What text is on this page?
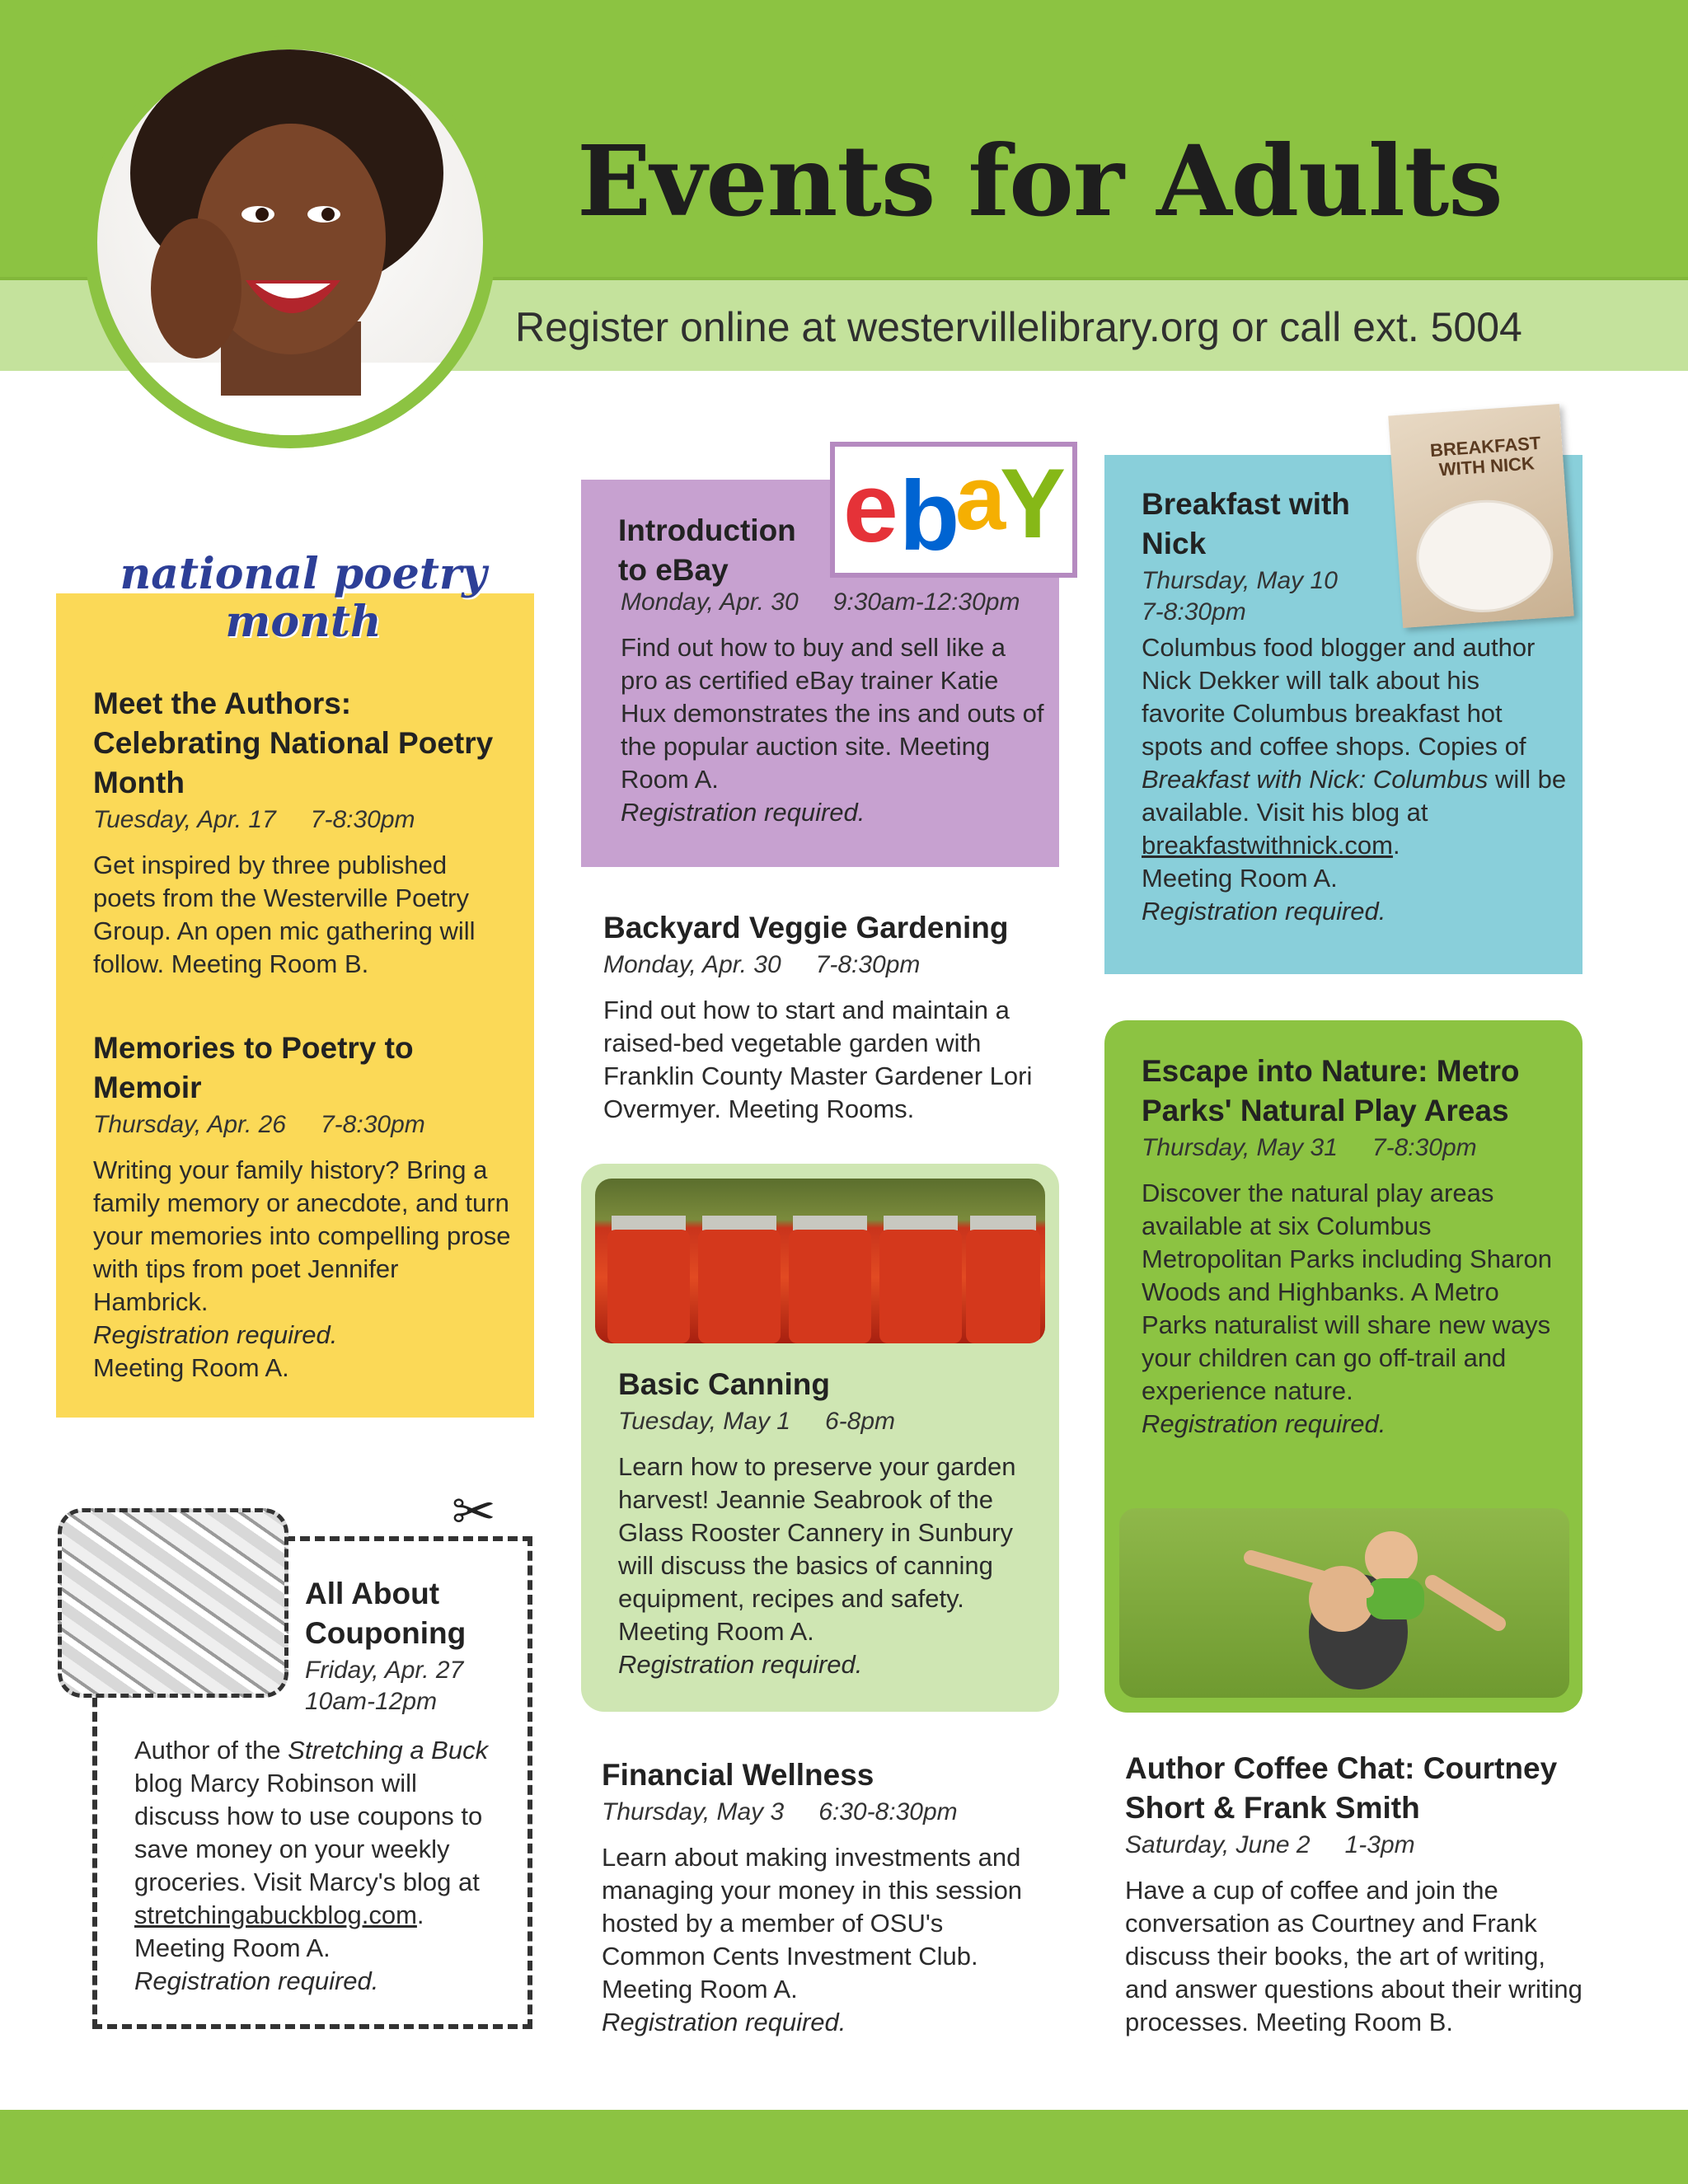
Events for Adults
Register online at westervillelibrary.org or call ext. 5004
national poetry
month
Meet the Authors: Celebrating National Poetry Month
Tuesday, Apr. 17 7-8:30pm
Get inspired by three published poets from the Westerville Poetry Group. An open mic gathering will follow. Meeting Room B.
Memories to Poetry to Memoir
Thursday, Apr. 26 7-8:30pm
Writing your family history? Bring a family memory or anecdote, and turn your memories into compelling prose with tips from poet Jennifer Hambrick.
Registration required.
Meeting Room A.
✂
All About Couponing
Friday, Apr. 27
10am-12pm
Author of the Stretching a Buck blog Marcy Robinson will discuss how to use coupons to save money on your weekly groceries. Visit Marcy's blog at stretchingabuckblog.com.
Meeting Room A.
Registration required.
e b
a
Y
Introduction to eBay
Monday, Apr. 30 9:30am-12:30pm
Find out how to buy and sell like a pro as certified eBay trainer Katie Hux demonstrates the ins and outs of the popular auction site. Meeting Room A.
Registration required.
Backyard Veggie Gardening
Monday, Apr. 30 7-8:30pm
Find out how to start and maintain a raised-bed vegetable garden with Franklin County Master Gardener Lori Overmyer. Meeting Rooms.
Basic Canning
Tuesday, May 1 6-8pm
Learn how to preserve your garden harvest! Jeannie Seabrook of the Glass Rooster Cannery in Sunbury will discuss the basics of canning equipment, recipes and safety. Meeting Room A.
Registration required.
Financial Wellness
Thursday, May 3 6:30-8:30pm
Learn about making investments and managing your money in this session hosted by a member of OSU's Common Cents Investment Club. Meeting Room A.
Registration required.
BREAKFAST WITH NICK
Breakfast with Nick
Thursday, May 10
7-8:30pm
Columbus food blogger and author Nick Dekker will talk about his favorite Columbus breakfast hot spots and coffee shops. Copies of Breakfast with Nick: Columbus will be available. Visit his blog at breakfastwithnick.com.
Meeting Room A.
Registration required.
Escape into Nature: Metro Parks' Natural Play Areas
Thursday, May 31 7-8:30pm
Discover the natural play areas available at six Columbus Metropolitan Parks including Sharon Woods and Highbanks. A Metro Parks naturalist will share new ways your children can go off-trail and experience nature.
Registration required.
Author Coffee Chat: Courtney Short & Frank Smith
Saturday, June 2 1-3pm
Have a cup of coffee and join the conversation as Courtney and Frank discuss their books, the art of writing, and answer questions about their writing processes. Meeting Room B.
